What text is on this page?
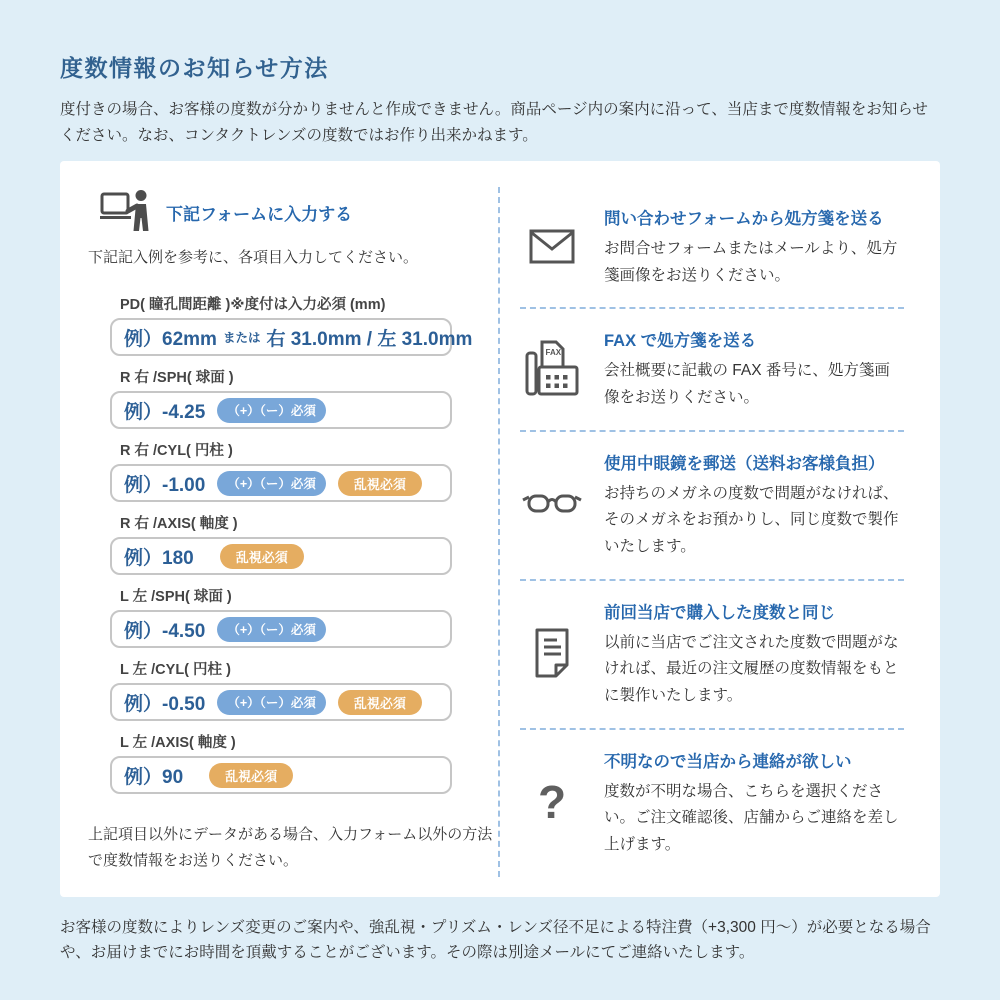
度数情報のお知らせ方法

度付きの場合、お客様の度数が分かりませんと作成できません。商品ページ内の案内に沿って、当店まで度数情報をお知らせください。なお、コンタクトレンズの度数ではお作り出来かねます。

下記フォームに入力する

下記記入例を参考に、各項目入力してください。

PD( 瞳孔間距離 )※度付は入力必須 (mm)
例）62mm または 右 31.0mm / 左 31.0mm
R 右 /SPH( 球面 )
例）-4.25	（+）（ー）必須
R 右 /CYL( 円柱 )
例）-1.00	（+）（ー）必須	乱視必須
R 右 /AXIS( 軸度 )
例）180	乱視必須
L 左 /SPH( 球面 )
例）-4.50	（+）（ー）必須
L 左 /CYL( 円柱 )
例）-0.50	（+）（ー）必須	乱視必須
L 左 /AXIS( 軸度 )
例）90	乱視必須

上記項目以外にデータがある場合、入力フォーム以外の方法で度数情報をお送りください。

問い合わせフォームから処方箋を送る
お問合せフォームまたはメールより、処方箋画像をお送りください。
FAX
FAX で処方箋を送る
会社概要に記載の FAX 番号に、処方箋画像をお送りください。
使用中眼鏡を郵送（送料お客様負担）
お持ちのメガネの度数で問題がなければ、そのメガネをお預かりし、同じ度数で製作いたします。
前回当店で購入した度数と同じ
以前に当店でご注文された度数で問題がなければ、最近の注文履歴の度数情報をもとに製作いたします。
?
不明なので当店から連絡が欲しい
度数が不明な場合、こちらを選択ください。ご注文確認後、店舗からご連絡を差し上げます。

お客様の度数によりレンズ変更のご案内や、強乱視・プリズム・レンズ径不足による特注費（+3,300 円～）が必要となる場合や、お届けまでにお時間を頂戴することがございます。その際は別途メールにてご連絡いたします。
